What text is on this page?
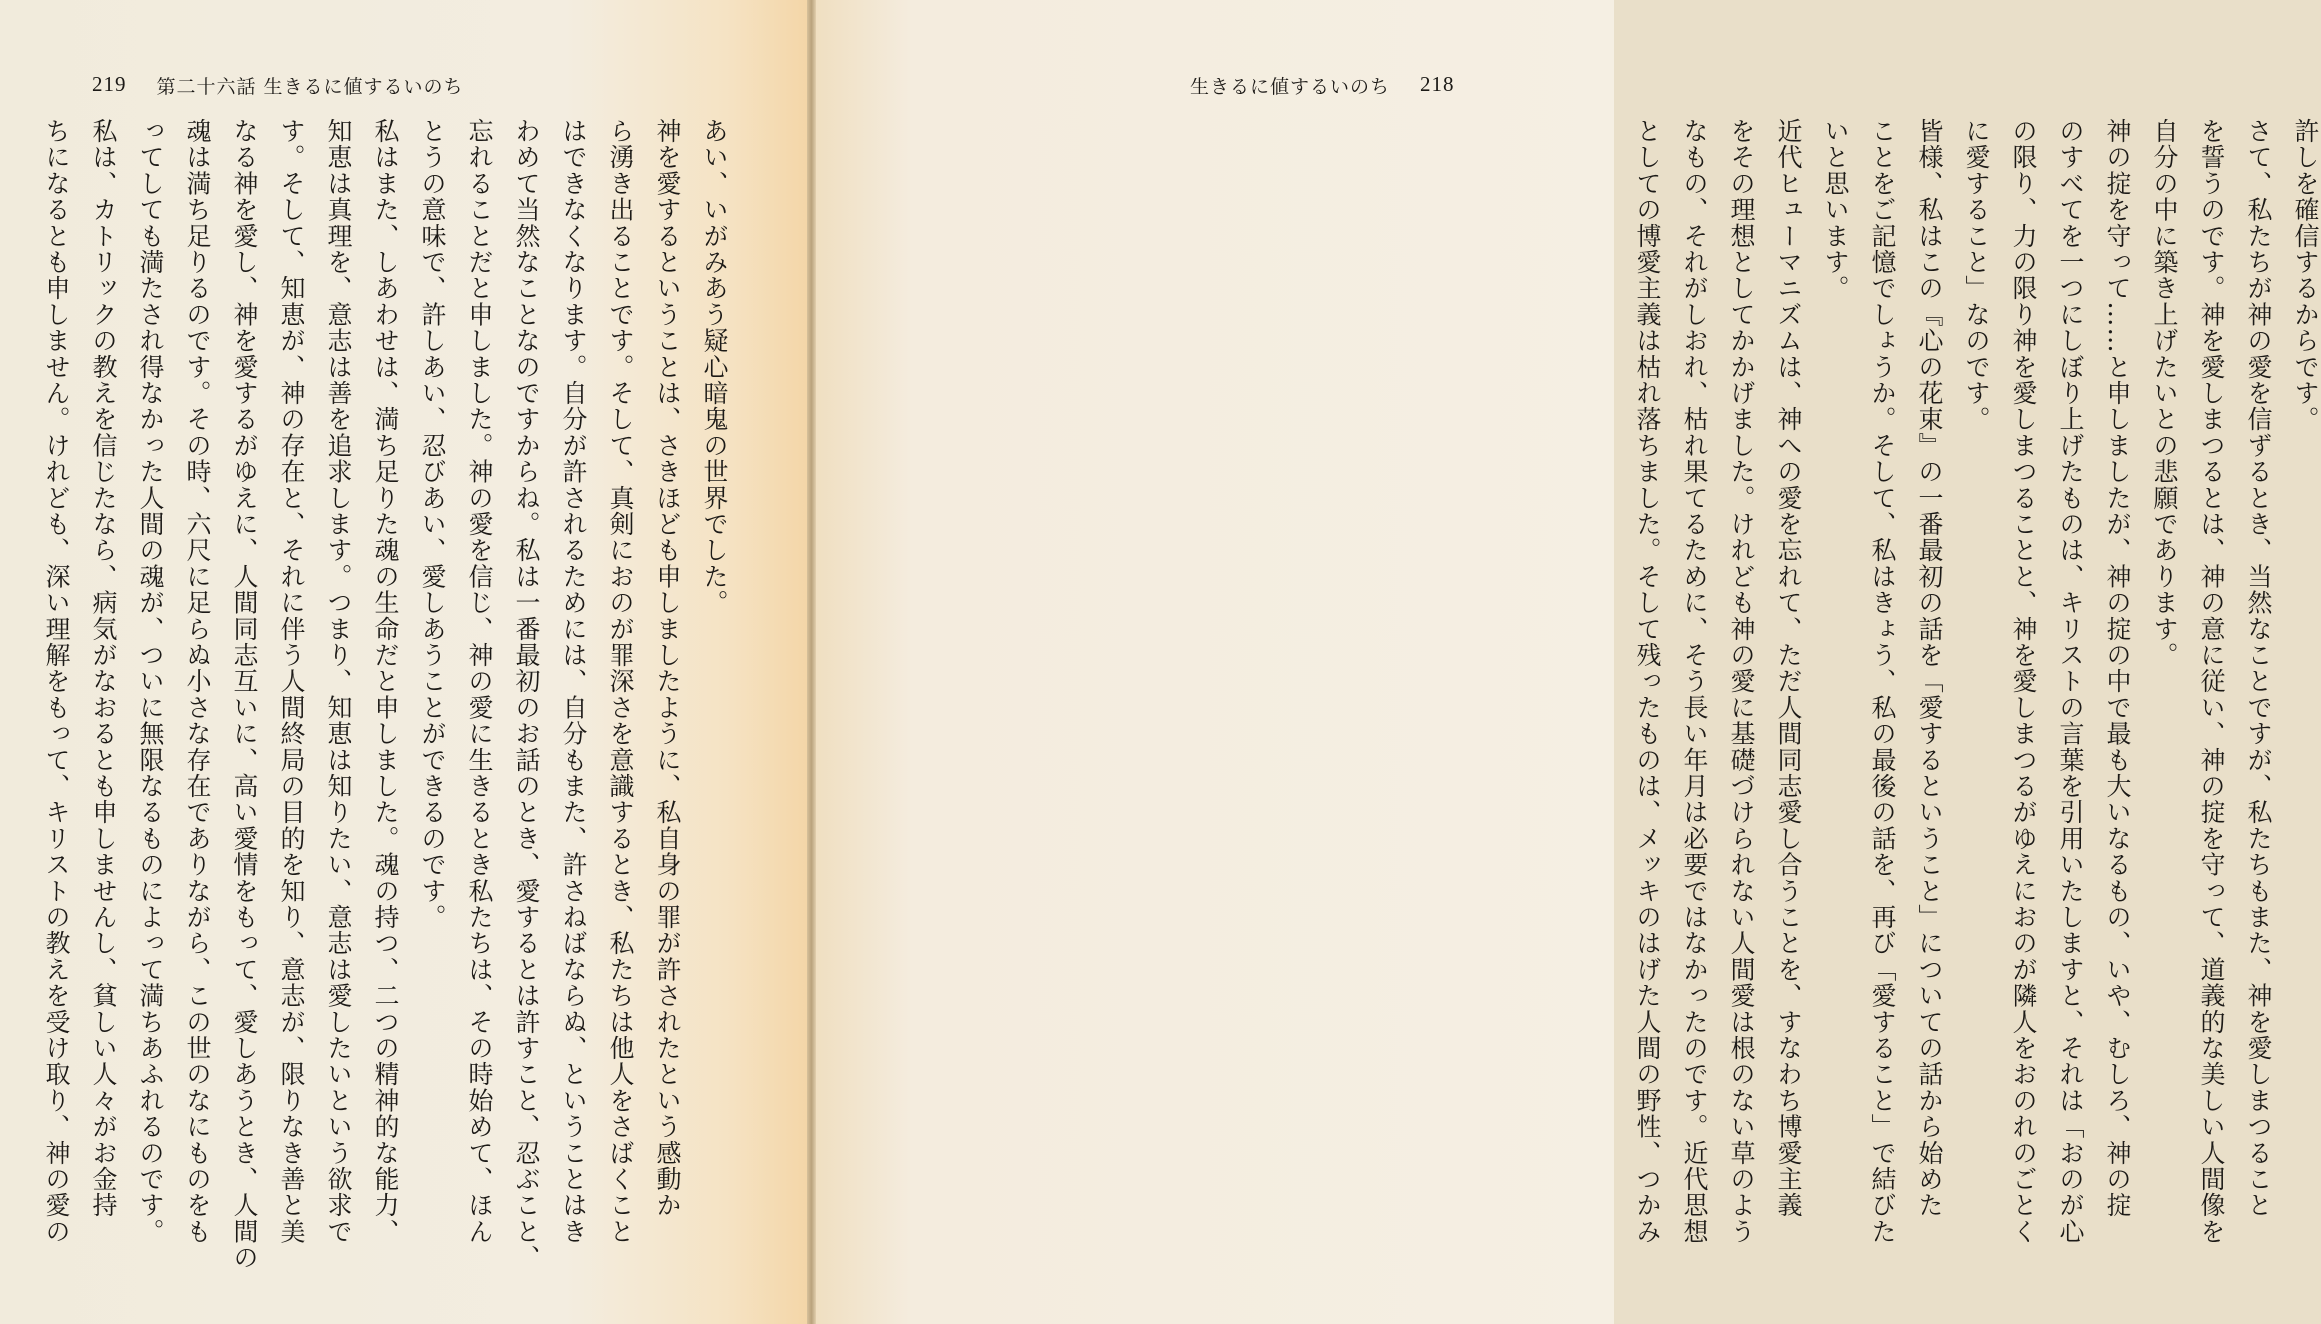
219 第二十六話 生きるに値するいのち
あい、いがみあう疑心暗鬼の世界でした。
神を愛するということは、さきほども申しましたように、私自身の罪が許されたという感動か
ら湧き出ることです。そして、真剣におのが罪深さを意識するとき、私たちは他人をさばくこと
はできなくなります。自分が許されるためには、自分もまた、許さねばならぬ、ということはき
わめて当然なことなのですからね。私は一番最初のお話のとき、愛するとは許すこと、忍ぶこと、
忘れることだと申しました。神の愛を信じ、神の愛に生きるとき私たちは、その時始めて、ほん
とうの意味で、許しあい、忍びあい、愛しあうことができるのです。
私はまた、しあわせは、満ち足りた魂の生命だと申しました。魂の持つ、二つの精神的な能力、
知恵は真理を、意志は善を追求します。つまり、知恵は知りたい、意志は愛したいという欲求で
す。そして、知恵が、神の存在と、それに伴う人間終局の目的を知り、意志が、限りなき善と美
なる神を愛し、神を愛するがゆえに、人間同志互いに、高い愛情をもって、愛しあうとき、人間の
魂は満ち足りるのです。その時、六尺に足らぬ小さな存在でありながら、この世のなにものをも
ってしても満たされ得なかった人間の魂が、ついに無限なるものによって満ちあふれるのです。
私は、カトリックの教えを信じたなら、病気がなおるとも申しませんし、貧しい人々がお金持
ちになるとも申しません。けれども、深い理解をもって、キリストの教えを受け取り、神の愛の	許しを確信するからです。
さて、私たちが神の愛を信ずるとき、当然なことですが、私たちもまた、神を愛しまつること
を誓うのです。神を愛しまつるとは、神の意に従い、神の掟を守って、道義的な美しい人間像を
自分の中に築き上げたいとの悲願であります。
神の掟を守って……と申しましたが、神の掟の中で最も大いなるもの、いや、むしろ、神の掟
のすべてを一つにしぼり上げたものは、キリストの言葉を引用いたしますと、それは「おのが心
の限り、力の限り神を愛しまつることと、神を愛しまつるがゆえにおのが隣人をおのれのごとく
に愛すること」なのです。
皆様、私はこの『心の花束』の一番最初の話を「愛するということ」についての話から始めた
ことをご記憶でしょうか。そして、私はきょう、私の最後の話を、再び「愛すること」で結びた
いと思います。
近代ヒューマニズムは、神への愛を忘れて、ただ人間同志愛し合うことを、すなわち博愛主義
をその理想としてかかげました。けれども神の愛に基礎づけられない人間愛は根のない草のよう
なもの、それがしおれ、枯れ果てるために、そう長い年月は必要ではなかったのです。近代思想
としての博愛主義は枯れ落ちました。そして残ったものは、メッキのはげた人間の野性、つかみ
生きるに値するいのち 218
